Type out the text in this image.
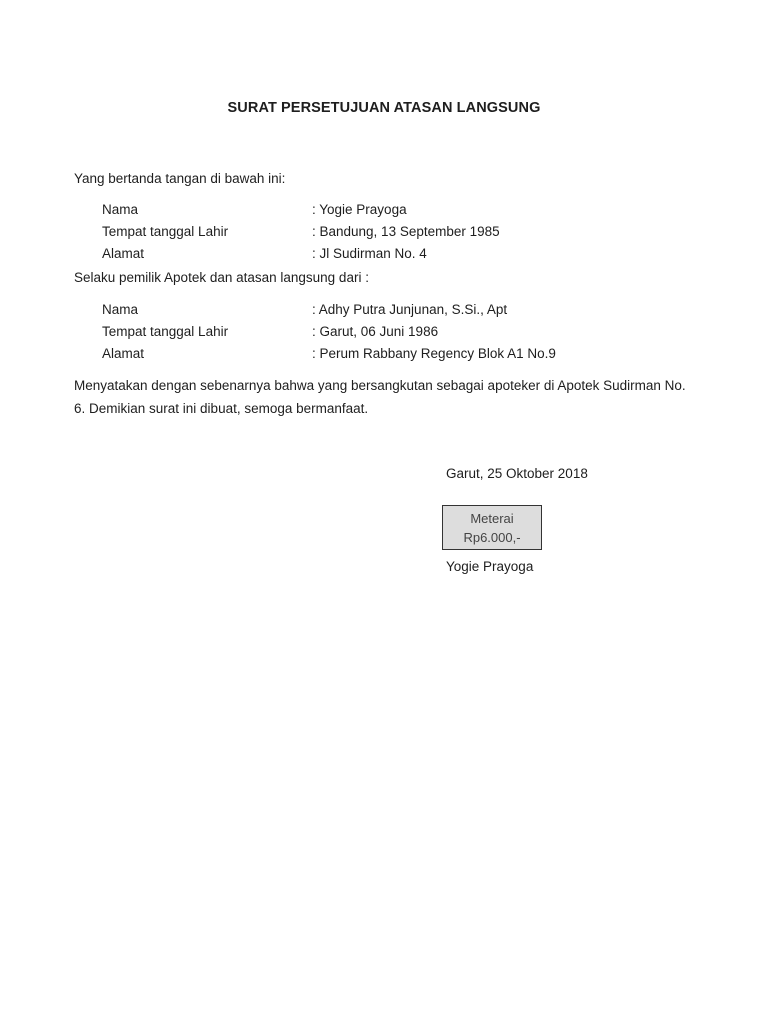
SURAT PERSETUJUAN ATASAN LANGSUNG

Yang bertanda tangan di bawah ini:

Nama	: Yogie Prayoga
Tempat tanggal Lahir	: Bandung, 13 September 1985
Alamat	: Jl Sudirman No. 4

Selaku pemilik Apotek dan atasan langsung dari :

Nama	: Adhy Putra Junjunan, S.Si., Apt
Tempat tanggal Lahir	: Garut, 06 Juni 1986
Alamat	: Perum Rabbany Regency Blok A1 No.9

Menyatakan dengan sebenarnya bahwa yang bersangkutan sebagai apoteker di Apotek Sudirman No. 6. Demikian surat ini dibuat, semoga bermanfaat.

Garut, 25 Oktober 2018
Meterai
Rp6.000,-
Yogie Prayoga
